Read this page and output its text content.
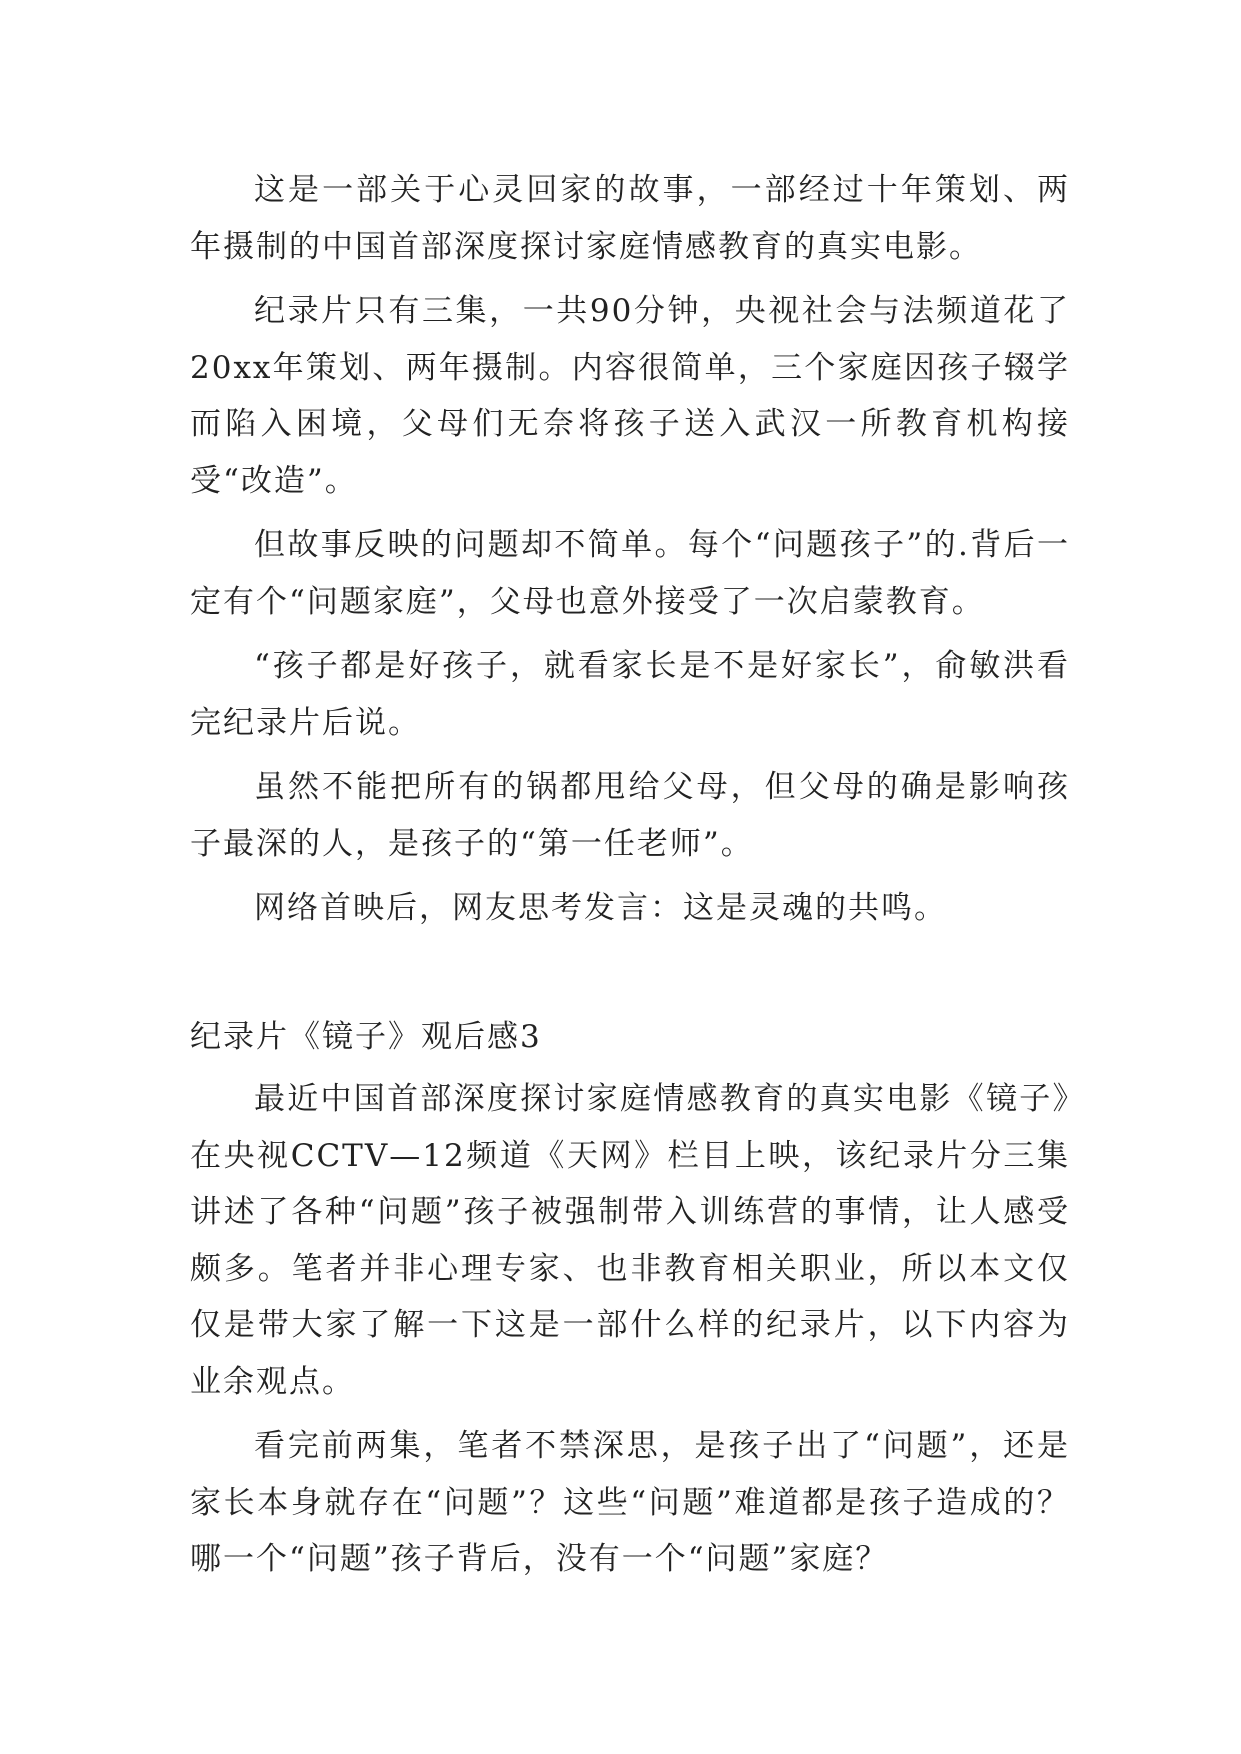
这是一部关于心灵回家的故事，一部经过十年策划、两年摄制的中国首部深度探讨家庭情感教育的真实电影。

纪录片只有三集，一共90分钟，央视社会与法频道花了20xx年策划、两年摄制。内容很简单，三个家庭因孩子辍学而陷入困境，父母们无奈将孩子送入武汉一所教育机构接受“改造”。

但故事反映的问题却不简单。每个“问题孩子”的.背后一定有个“问题家庭”，父母也意外接受了一次启蒙教育。

“孩子都是好孩子，就看家长是不是好家长”，俞敏洪看完纪录片后说。

虽然不能把所有的锅都甩给父母，但父母的确是影响孩子最深的人，是孩子的“第一任老师”。

网络首映后，网友思考发言：这是灵魂的共鸣。

纪录片《镜子》观后感3

最近中国首部深度探讨家庭情感教育的真实电影《镜子》在央视CCTV—12频道《天网》栏目上映，该纪录片分三集讲述了各种“问题”孩子被强制带入训练营的事情，让人感受颇多。笔者并非心理专家、也非教育相关职业，所以本文仅仅是带大家了解一下这是一部什么样的纪录片，以下内容为业余观点。

看完前两集，笔者不禁深思，是孩子出了“问题”，还是家长本身就存在“问题”？这些“问题”难道都是孩子造成的？哪一个“问题”孩子背后，没有一个“问题”家庭？
